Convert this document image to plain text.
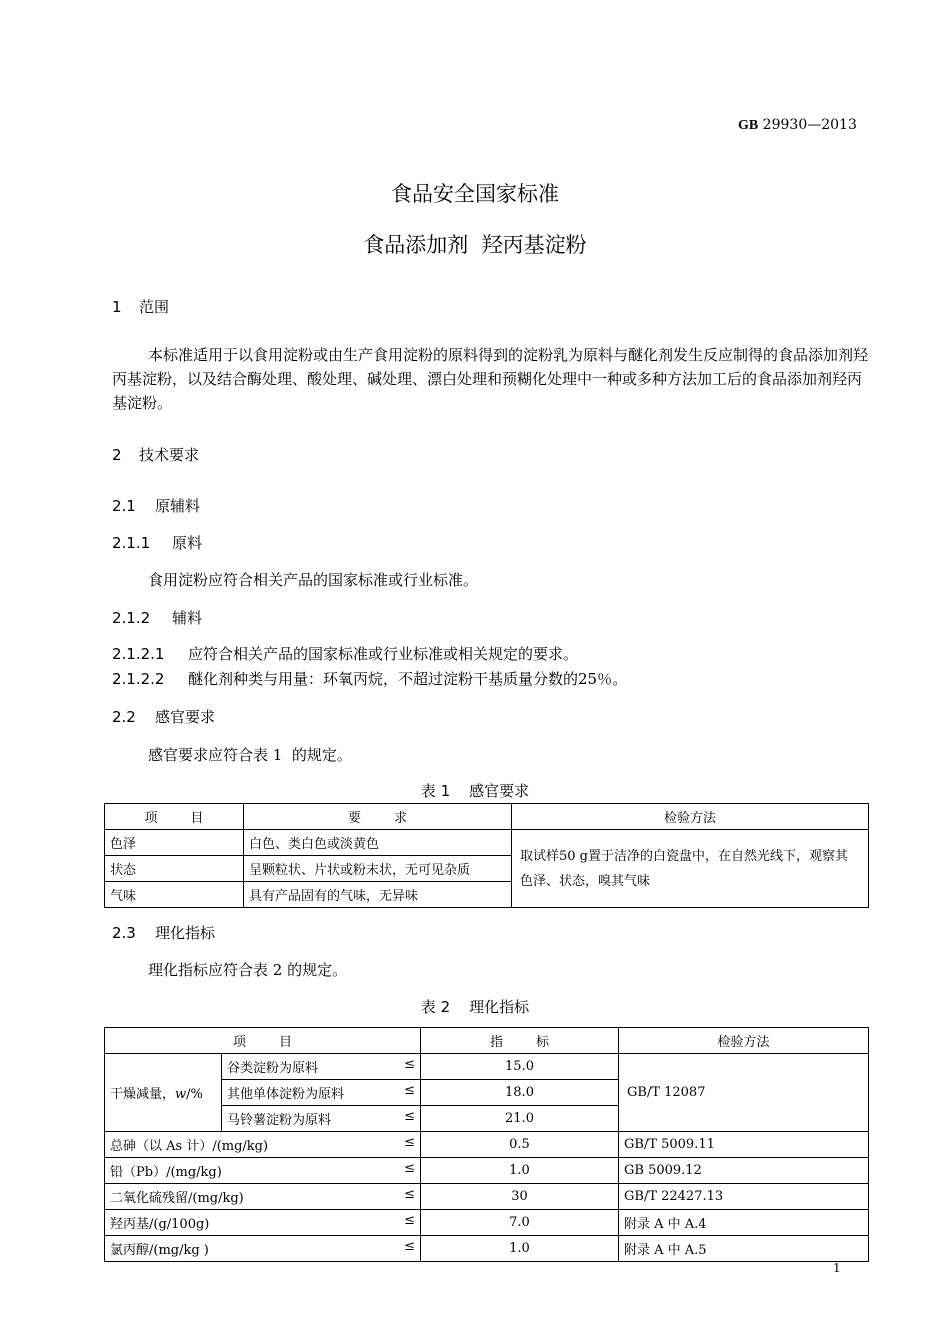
GB 29930—2013
食品安全国家标准
食品添加剂  羟丙基淀粉
1 范围
本标准适用于以食用淀粉或由生产食用淀粉的原料得到的淀粉乳为原料与醚化剂发生反应制得的食品添加剂羟丙基淀粉，以及结合酶处理、酸处理、碱处理、漂白处理和预糊化处理中一种或多种方法加工后的食品添加剂羟丙基淀粉。
2 技术要求
2.1 原辅料
2.1.1 原料
食用淀粉应符合相关产品的国家标准或行业标准。
2.1.2 辅料
2.1.2.1 应符合相关产品的国家标准或行业标准或相关规定的要求。
2.1.2.2 醚化剂种类与用量：环氧丙烷，不超过淀粉干基质量分数的25％。
2.2 感官要求
感官要求应符合表 1  的规定。
表 1    感官要求
项        目	要        求	检验方法
色泽	白色、类白色或淡黄色	取试样50 g置于洁净的白瓷盘中，在自然光线下，观察其色泽、状态，嗅其气味
状态	呈颗粒状、片状或粉末状，无可见杂质	
气味	具有产品固有的气味，无异味	
2.3 理化指标
理化指标应符合表 2 的规定。
表 2    理化指标
项        目		指        标	检验方法
干燥减量，w/%	谷类淀粉为原料 ≤	15.0	GB/T 12087
	其他单体淀粉为原料 ≤	18.0	
	马铃薯淀粉为原料 ≤	21.0	
总砷（以 As 计）/(mg/kg) ≤		0.5	GB/T 5009.11
铅（Pb）/(mg/kg) ≤		1.0	GB 5009.12
二氧化硫残留/(mg/kg) ≤		30	GB/T 22427.13
羟丙基/(g/100g) ≤		7.0	附录 A 中 A.4
氯丙醇/(mg/kg ) ≤		1.0	附录 A 中 A.5
1
